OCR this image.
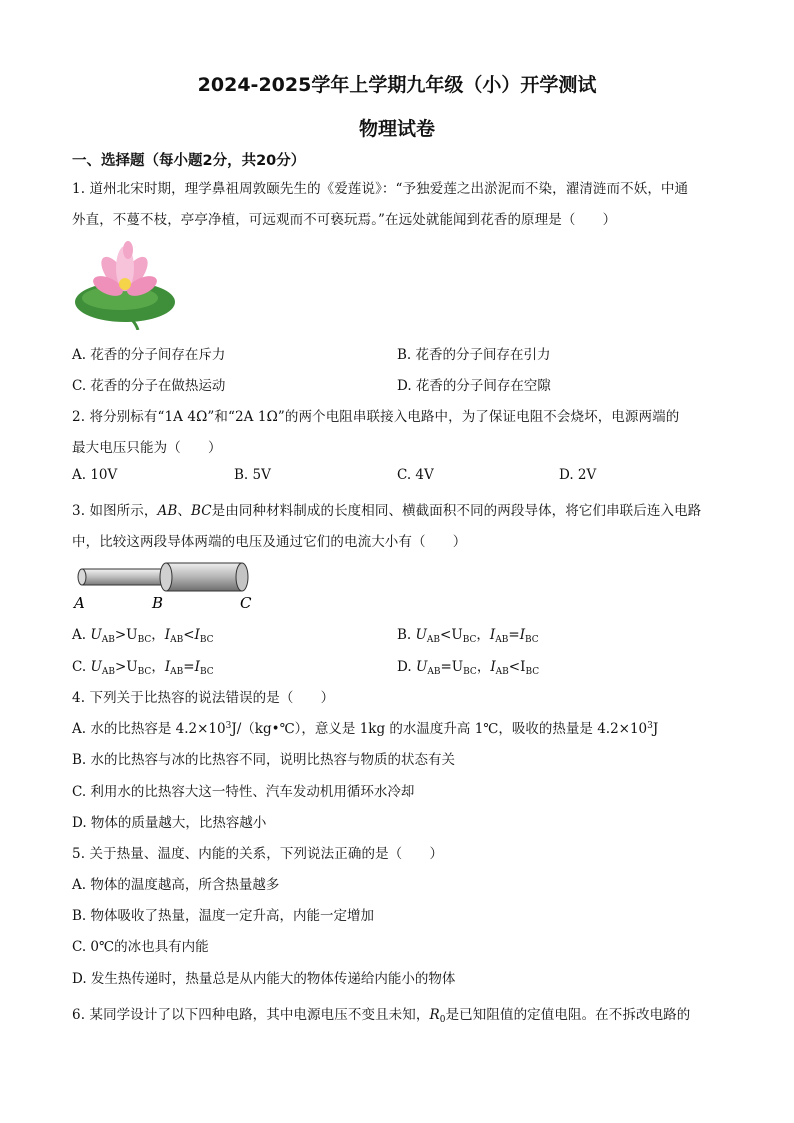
2024-2025学年上学期九年级（小）开学测试
物理试卷
一、选择题（每小题2分，共20分）
1. 道州北宋时期，理学鼻祖周敦颐先生的《爱莲说》：“予独爱莲之出淤泥而不染，濯清涟而不妖，中通
外直，不蔓不枝，亭亭净植，可远观而不可亵玩焉。”在远处就能闻到花香的原理是（　　）
A. 花香的分子间存在斥力	B. 花香的分子间存在引力
C. 花香的分子在做热运动	D. 花香的分子间存在空隙
2. 将分别标有“1A 4Ω”和“2A 1Ω”的两个电阻串联接入电路中，为了保证电阻不会烧坏，电源两端的
最大电压只能为（　　）
A. 10V	B. 5V	C. 4V	D. 2V
3. 如图所示，AB、BC是由同种材料制成的长度相同、横截面积不同的两段导体，将它们串联后连入电路
中，比较这两段导体两端的电压及通过它们的电流大小有（　　）
A	B	C
A. $U_{AB}>U_{BC}$，$I_{AB}<I_{BC}$	B. $U_{AB}<U_{BC}$，$I_{AB}=I_{BC}$
C. $U_{AB}>U_{BC}$，$I_{AB}=I_{BC}$	D. $U_{AB}=U_{BC}$，$I_{AB}<I_{BC}$
4. 下列关于比热容的说法错误的是（　　）
A. 水的比热容是 $4.2\times 10^3J/(kg•℃)$，意义是 1kg 的水温度升高 1℃，吸收的热量是 $4.2\times 10^3J$
B. 水的比热容与冰的比热容不同，说明比热容与物质的状态有关
C. 利用水的比热容大这一特性、汽车发动机用循环水冷却
D. 物体的质量越大，比热容越小
5. 关于热量、温度、内能的关系，下列说法正确的是（　　）
A. 物体的温度越高，所含热量越多
B. 物体吸收了热量，温度一定升高，内能一定增加
C. 0℃的冰也具有内能
D. 发生热传递时，热量总是从内能大的物体传递给内能小的物体
6. 某同学设计了以下四种电路，其中电源电压不变且未知，$R_0$是已知阻值的定值电阻。在不拆改电路的
